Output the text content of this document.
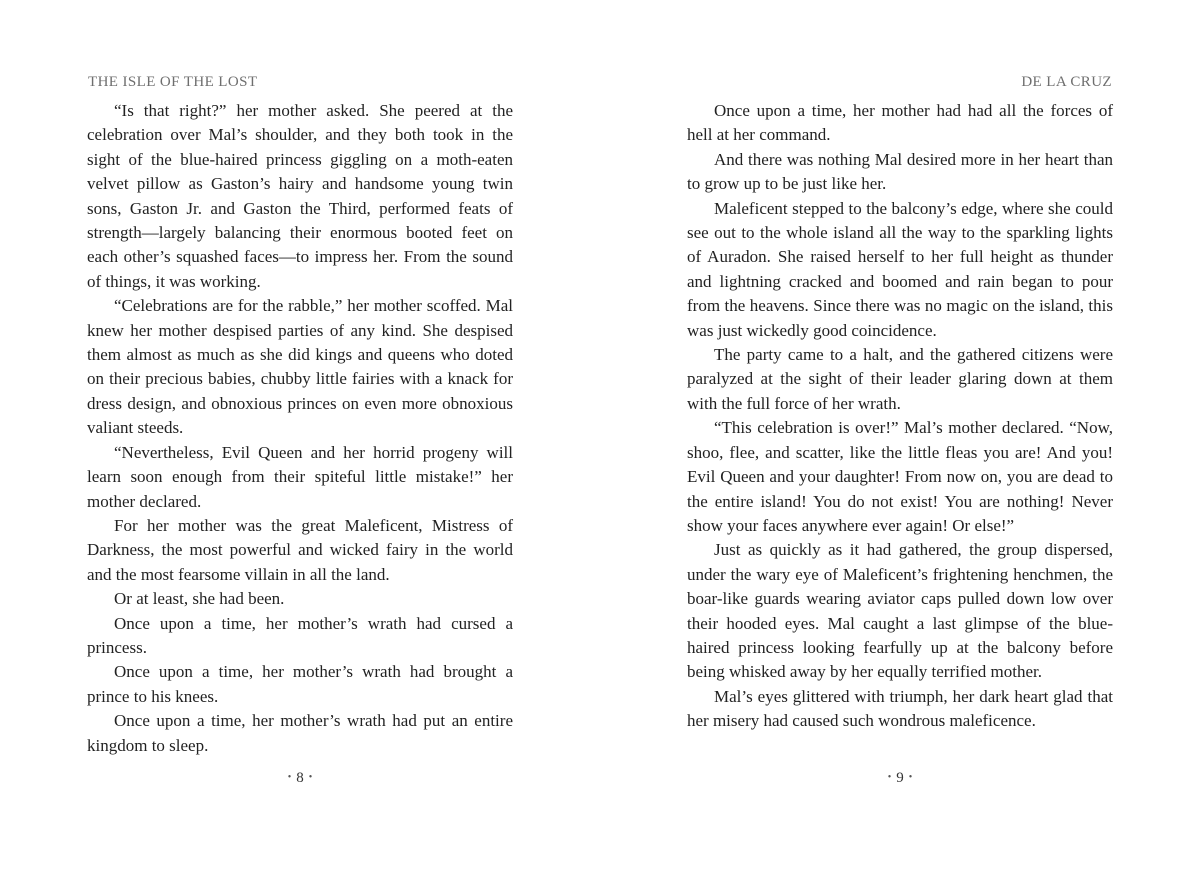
THE ISLE OF THE LOST

“Is that right?” her mother asked. She peered at the celebration over Mal’s shoulder, and they both took in the sight of the blue-haired princess giggling on a moth-eaten velvet pillow as Gaston’s hairy and handsome young twin sons, Gaston Jr. and Gaston the Third, performed feats of strength—largely balancing their enormous booted feet on each other’s squashed faces—to impress her. From the sound of things, it was working.

“Celebrations are for the rabble,” her mother scoffed. Mal knew her mother despised parties of any kind. She despised them almost as much as she did kings and queens who doted on their precious babies, chubby little fairies with a knack for dress design, and obnoxious princes on even more obnoxious valiant steeds.

“Nevertheless, Evil Queen and her horrid progeny will learn soon enough from their spiteful little mistake!” her mother declared.

For her mother was the great Maleficent, Mistress of Darkness, the most powerful and wicked fairy in the world and the most fearsome villain in all the land.

Or at least, she had been.

Once upon a time, her mother’s wrath had cursed a princess.

Once upon a time, her mother’s wrath had brought a prince to his knees.

Once upon a time, her mother’s wrath had put an entire kingdom to sleep.

• 8 •
DE LA CRUZ

Once upon a time, her mother had had all the forces of hell at her command.

And there was nothing Mal desired more in her heart than to grow up to be just like her.

Maleficent stepped to the balcony’s edge, where she could see out to the whole island all the way to the sparkling lights of Auradon. She raised herself to her full height as thunder and lightning cracked and boomed and rain began to pour from the heavens. Since there was no magic on the island, this was just wickedly good coincidence.

The party came to a halt, and the gathered citizens were paralyzed at the sight of their leader glaring down at them with the full force of her wrath.

“This celebration is over!” Mal’s mother declared. “Now, shoo, flee, and scatter, like the little fleas you are! And you! Evil Queen and your daughter! From now on, you are dead to the entire island! You do not exist! You are nothing! Never show your faces anywhere ever again! Or else!”

Just as quickly as it had gathered, the group dispersed, under the wary eye of Maleficent’s frightening henchmen, the boar-like guards wearing aviator caps pulled down low over their hooded eyes. Mal caught a last glimpse of the blue-haired princess looking fearfully up at the balcony before being whisked away by her equally terrified mother.

Mal’s eyes glittered with triumph, her dark heart glad that her misery had caused such wondrous maleficence.

• 9 •
